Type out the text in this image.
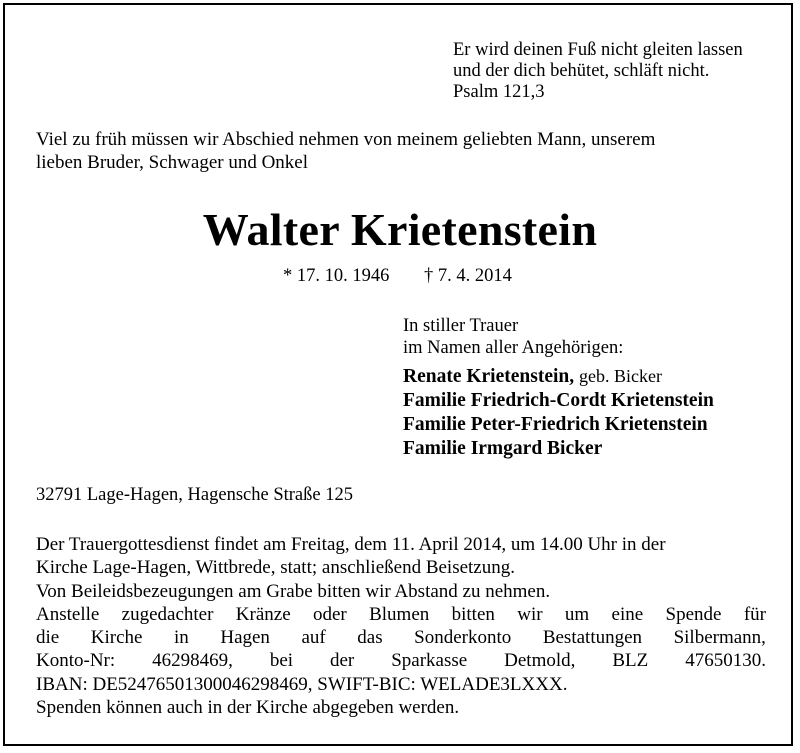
Er wird deinen Fuß nicht gleiten lassen
und der dich behütet, schläft nicht.
Psalm 121,3
Viel zu früh müssen wir Abschied nehmen von meinem geliebten Mann, unserem
lieben Bruder, Schwager und Onkel
Walter Krietenstein
* 17. 10. 1946 † 7. 4. 2014
In stiller Trauer
im Namen aller Angehörigen:
Renate Krietenstein, geb. Bicker
Familie Friedrich-Cordt Krietenstein
Familie Peter-Friedrich Krietenstein
Familie Irmgard Bicker
32791 Lage-Hagen, Hagensche Straße 125
Der Trauergottesdienst findet am Freitag, dem 11. April 2014, um 14.00 Uhr in der
Kirche Lage-Hagen, Wittbrede, statt; anschließend Beisetzung.
Von Beileidsbezeugungen am Grabe bitten wir Abstand zu nehmen.
Anstelle zugedachter Kränze oder Blumen bitten wir um eine Spende für
die Kirche in Hagen auf das Sonderkonto Bestattungen Silbermann,
Konto-Nr: 46298469, bei der Sparkasse Detmold, BLZ 47650130.
IBAN: DE52476501300046298469, SWIFT-BIC: WELADE3LXXX.
Spenden können auch in der Kirche abgegeben werden.
